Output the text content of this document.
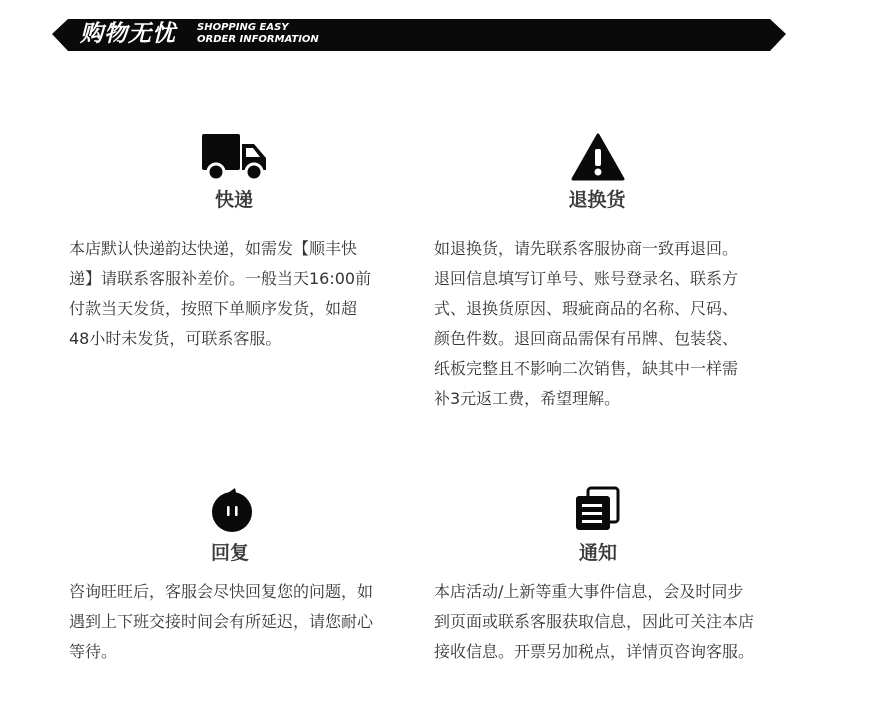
购物无忧 SHOPPING EASY
ORDER INFORMATION
快递

本店默认快递韵达快递，如需发【顺丰快
递】请联系客服补差价。一般当天16:00前
付款当天发货，按照下单顺序发货，如超
48小时未发货，可联系客服。

退换货

如退换货，请先联系客服协商一致再退回。
退回信息填写订单号、账号登录名、联系方
式、退换货原因、瑕疵商品的名称、尺码、
颜色件数。退回商品需保有吊牌、包装袋、
纸板完整且不影响二次销售，缺其中一样需
补3元返工费，希望理解。

回复

咨询旺旺后，客服会尽快回复您的问题，如
遇到上下班交接时间会有所延迟，请您耐心
等待。

通知

本店活动/上新等重大事件信息，会及时同步
到页面或联系客服获取信息，因此可关注本店
接收信息。开票另加税点，详情页咨询客服。
